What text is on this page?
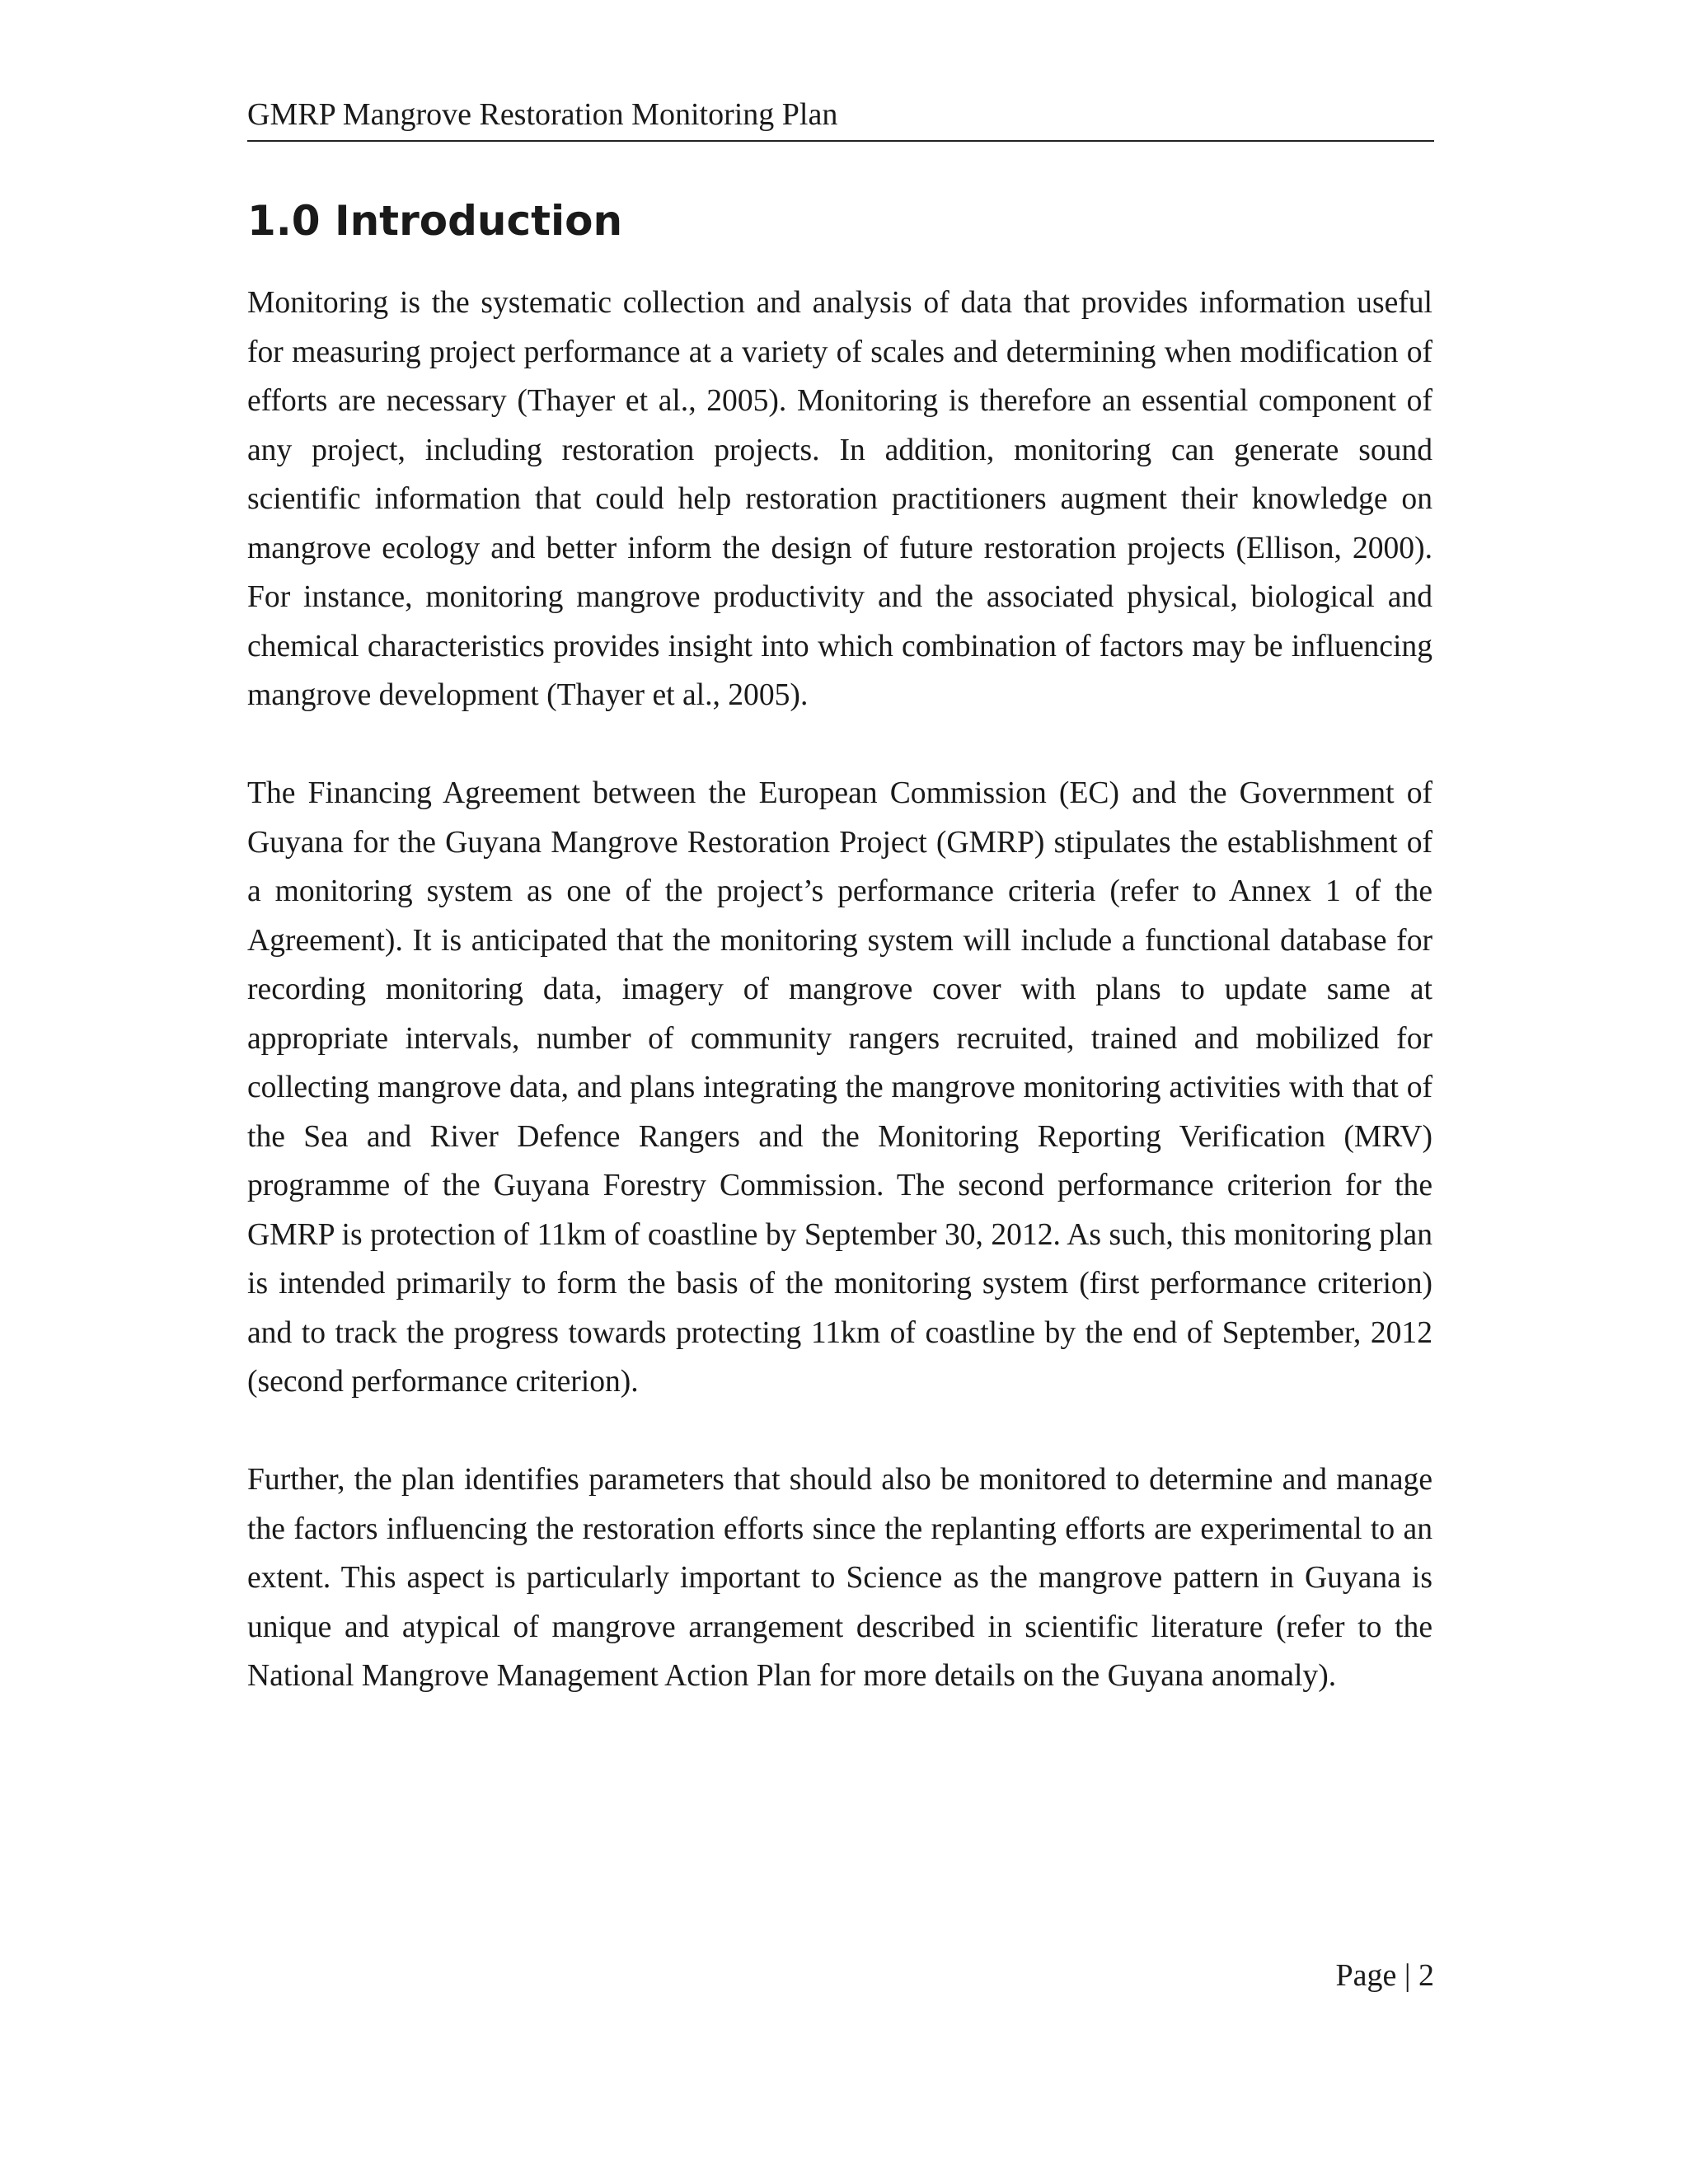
GMRP Mangrove Restoration Monitoring Plan
1.0 Introduction

Monitoring is the systematic collection and analysis of data that provides information useful for measuring project performance at a variety of scales and determining when modification of efforts are necessary (Thayer et al., 2005). Monitoring is therefore an essential component of any project, including restoration projects. In addition, monitoring can generate sound scientific information that could help restoration practitioners augment their knowledge on mangrove ecology and better inform the design of future restoration projects (Ellison, 2000). For instance, monitoring mangrove productivity and the associated physical, biological and chemical characteristics provides insight into which combination of factors may be influencing mangrove development (Thayer et al., 2005).

The Financing Agreement between the European Commission (EC) and the Government of Guyana for the Guyana Mangrove Restoration Project (GMRP) stipulates the establishment of a monitoring system as one of the project’s performance criteria (refer to Annex 1 of the Agreement). It is anticipated that the monitoring system will include a functional database for recording monitoring data, imagery of mangrove cover with plans to update same at appropriate intervals, number of community rangers recruited, trained and mobilized for collecting mangrove data, and plans integrating the mangrove monitoring activities with that of the Sea and River Defence Rangers and the Monitoring Reporting Verification (MRV) programme of the Guyana Forestry Commission. The second performance criterion for the GMRP is protection of 11km of coastline by September 30, 2012. As such, this monitoring plan is intended primarily to form the basis of the monitoring system (first performance criterion) and to track the progress towards protecting 11km of coastline by the end of September, 2012 (second performance criterion).

Further, the plan identifies parameters that should also be monitored to determine and manage the factors influencing the restoration efforts since the replanting efforts are experimental to an extent. This aspect is particularly important to Science as the mangrove pattern in Guyana is unique and atypical of mangrove arrangement described in scientific literature (refer to the National Mangrove Management Action Plan for more details on the Guyana anomaly).

Page | 2
